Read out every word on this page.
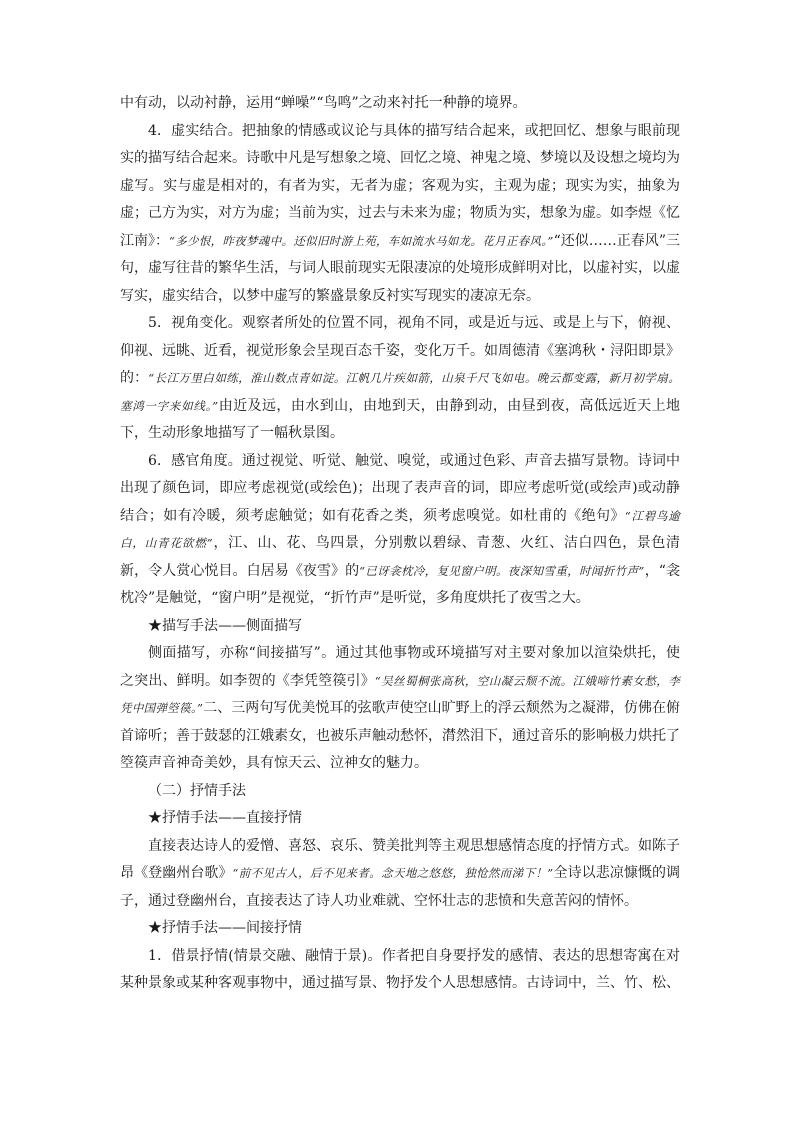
中有动，以动衬静，运用“蝉噪”“鸟鸣”之动来衬托一种静的境界。

4．虚实结合。把抽象的情感或议论与具体的描写结合起来，或把回忆、想象与眼前现实的描写结合起来。诗歌中凡是写想象之境、回忆之境、神鬼之境、梦境以及设想之境均为虚写。实与虚是相对的，有者为实，无者为虚；客观为实，主观为虚；现实为实，抽象为虚；己方为实，对方为虚；当前为实，过去与未来为虚；物质为实，想象为虚。如李煜《忆江南》：“多少恨，昨夜梦魂中。还似旧时游上苑，车如流水马如龙。花月正春风。”“还似……正春风”三句，虚写往昔的繁华生活，与词人眼前现实无限凄凉的处境形成鲜明对比，以虚衬实，以虚写实，虚实结合，以梦中虚写的繁盛景象反衬实写现实的凄凉无奈。

5．视角变化。观察者所处的位置不同，视角不同，或是近与远、或是上与下，俯视、仰视、远眺、近看，视觉形象会呈现百态千姿，变化万千。如周德清《塞鸿秋・浔阳即景》的：“长江万里白如练，淮山数点青如淀。江帆几片疾如箭，山泉千尺飞如电。晚云都变露，新月初学扇。塞鸿一字来如线。”由近及远，由水到山，由地到天，由静到动，由昼到夜，高低远近天上地下，生动形象地描写了一幅秋景图。

6．感官角度。通过视觉、听觉、触觉、嗅觉，或通过色彩、声音去描写景物。诗词中出现了颜色词，即应考虑视觉(或绘色)；出现了表声音的词，即应考虑听觉(或绘声)或动静结合；如有冷暖，须考虑触觉；如有花香之类，须考虑嗅觉。如杜甫的《绝句》“江碧鸟逾白，山青花欲燃”，江、山、花、鸟四景，分别敷以碧绿、青葱、火红、洁白四色，景色清新，令人赏心悦目。白居易《夜雪》的“已讶衾枕冷，复见窗户明。夜深知雪重，时闻折竹声”，“衾枕冷”是触觉，“窗户明”是视觉，“折竹声”是听觉，多角度烘托了夜雪之大。

★描写手法——侧面描写

侧面描写，亦称“间接描写”。通过其他事物或环境描写对主要对象加以渲染烘托，使之突出、鲜明。如李贺的《李凭箜篌引》“吴丝蜀桐张高秋，空山凝云颓不流。江娥啼竹素女愁，李凭中国弹箜篌。”二、三两句写优美悦耳的弦歌声使空山旷野上的浮云颓然为之凝滞，仿佛在俯首谛听；善于鼓瑟的江娥素女，也被乐声触动愁怀，潸然泪下，通过音乐的影响极力烘托了箜篌声音神奇美妙，具有惊天云、泣神女的魅力。

（二）抒情手法

★抒情手法——直接抒情

直接表达诗人的爱憎、喜怒、哀乐、赞美批判等主观思想感情态度的抒情方式。如陈子昂《登幽州台歌》“前不见古人，后不见来者。念天地之悠悠，独怆然而涕下！”全诗以悲凉慷慨的调子，通过登幽州台，直接表达了诗人功业难就、空怀壮志的悲愤和失意苦闷的情怀。

★抒情手法——间接抒情

1．借景抒情(情景交融、融情于景)。作者把自身要抒发的感情、表达的思想寄寓在对某种景象或某种客观事物中，通过描写景、物抒发个人思想感情。古诗词中，兰、竹、松、
